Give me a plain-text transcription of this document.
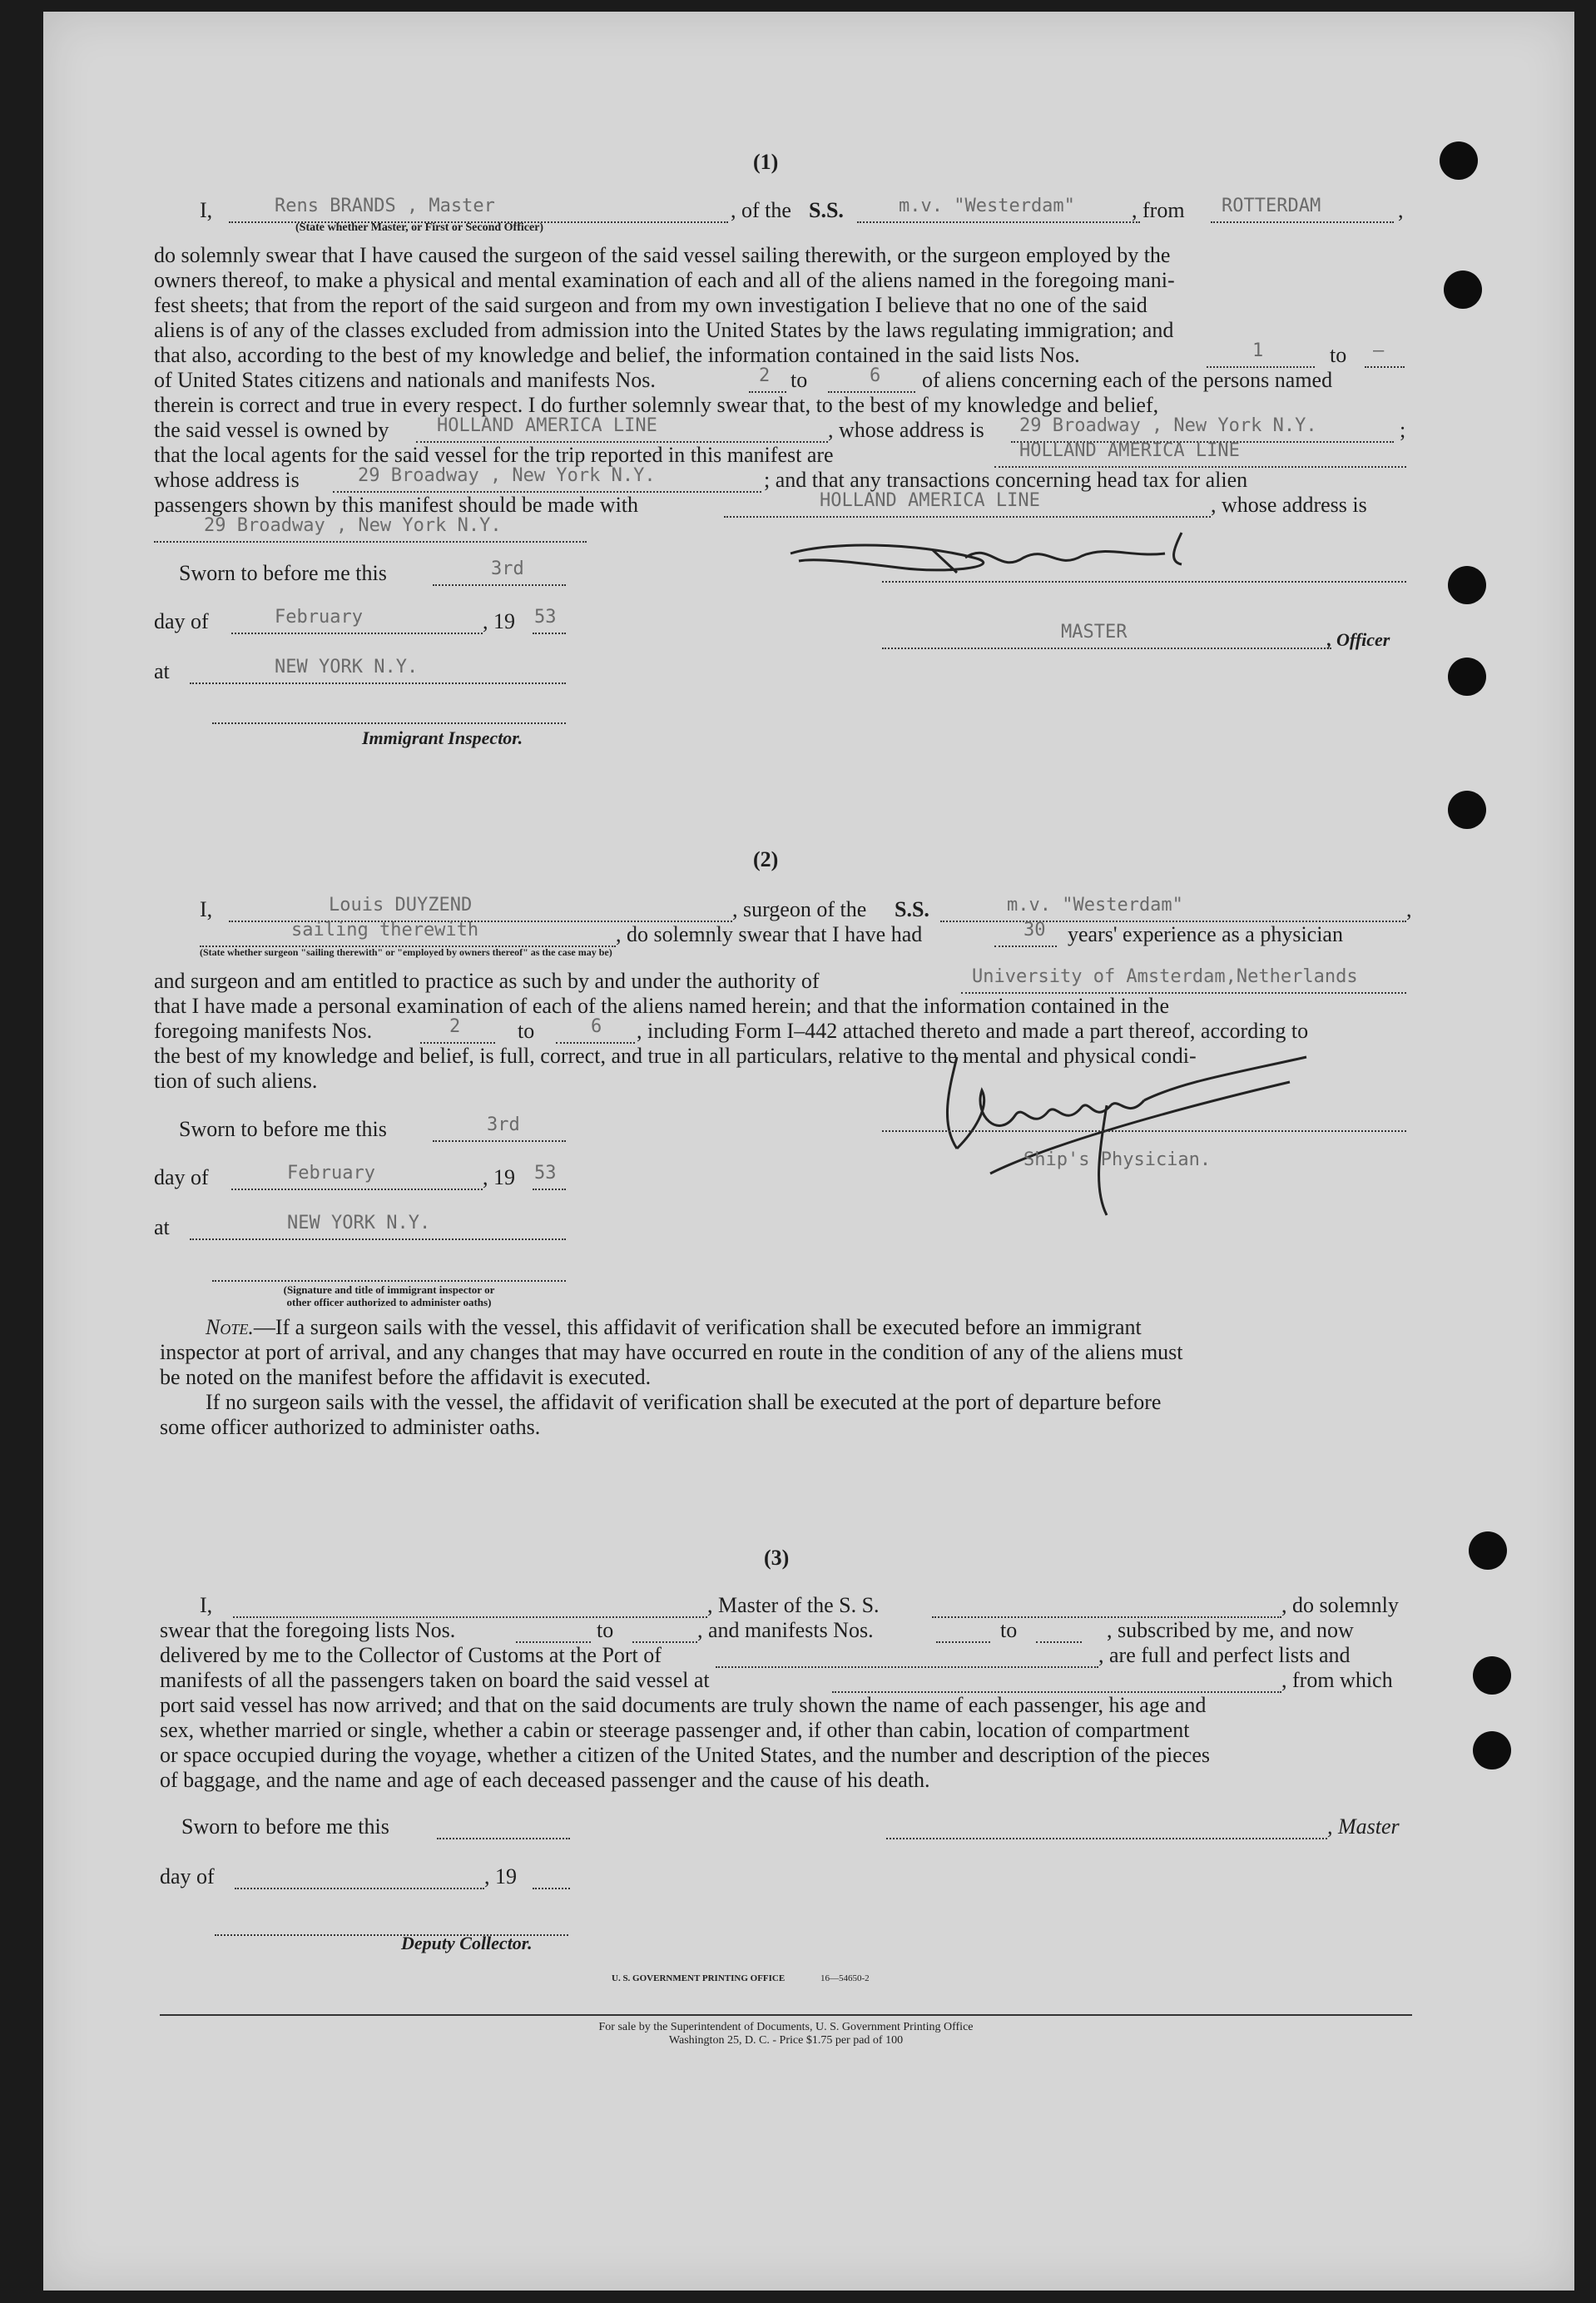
(1)
I,	Rens BRANDS , Master	, of the S.S.	m.v. "Westerdam"	, from ROTTERDAM	,
(State whether Master, or First or Second Officer)
do solemnly swear that I have caused the surgeon of the said vessel sailing therewith, or the surgeon employed by the
owners thereof, to make a physical and mental examination of each and all of the aliens named in the foregoing mani-
fest sheets; that from the report of the said surgeon and from my own investigation I believe that no one of the said
aliens is of any of the classes excluded from admission into the United States by the laws regulating immigration; and
that also, according to the best of my knowledge and belief, the information contained in the said lists Nos.	1	to —
of United States citizens and nationals and manifests Nos.	2 to	6 of aliens concerning each of the persons named
therein is correct and true in every respect. I do further solemnly swear that, to the best of my knowledge and belief,
the said vessel is owned by	HOLLAND AMERICA LINE	, whose address is 29 Broadway , New York N.Y.	;
that the local agents for the said vessel for the trip reported in this manifest are	HOLLAND AMERICA LINE
whose address is	29 Broadway , New York N.Y.	; and that any transactions concerning head tax for alien
passengers shown by this manifest should be made with	HOLLAND AMERICA LINE	, whose address is
29 Broadway , New York N.Y.
Sworn to before me this	3rd
day of	February	, 19 53
at	NEW YORK N.Y.
Immigrant Inspector.
MASTER	, Officer
(2)
I,	Louis DUYZEND	, surgeon of the S.S.	m.v. "Westerdam"	,
sailing therewith	, do solemnly swear that I have had	30 years' experience as a physician
(State whether surgeon "sailing therewith" or "employed by owners thereof" as the case may be)
and surgeon and am entitled to practice as such by and under the authority of	University of Amsterdam,Netherlands
that I have made a personal examination of each of the aliens named herein; and that the information contained in the
foregoing manifests Nos.	2	to	6 , including Form I–442 attached thereto and made a part thereof, according to
the best of my knowledge and belief, is full, correct, and true in all particulars, relative to the mental and physical condi-
tion of such aliens.
Sworn to before me this	3rd
day of	February	, 19 53
at	NEW YORK N.Y.
(Signature and title of immigrant inspector or
other officer authorized to administer oaths)
Ship's Physician.
Note.—If a surgeon sails with the vessel, this affidavit of verification shall be executed before an immigrant
inspector at port of arrival, and any changes that may have occurred en route in the condition of any of the aliens must
be noted on the manifest before the affidavit is executed.
If no surgeon sails with the vessel, the affidavit of verification shall be executed at the port of departure before
some officer authorized to administer oaths.
(3)
I,	, Master of the S. S.	, do solemnly
swear that the foregoing lists Nos.	to	, and manifests Nos.	to	, subscribed by me, and now
delivered by me to the Collector of Customs at the Port of	, are full and perfect lists and
manifests of all the passengers taken on board the said vessel at	, from which
port said vessel has now arrived; and that on the said documents are truly shown the name of each passenger, his age and
sex, whether married or single, whether a cabin or steerage passenger and, if other than cabin, location of compartment
or space occupied during the voyage, whether a citizen of the United States, and the number and description of the pieces
of baggage, and the name and age of each deceased passenger and the cause of his death.
Sworn to before me this	, Master
day of	, 19
Deputy Collector.
U. S. GOVERNMENT PRINTING OFFICE	16—54650-2
For sale by the Superintendent of Documents, U. S. Government Printing Office
Washington 25, D. C. - Price $1.75 per pad of 100
